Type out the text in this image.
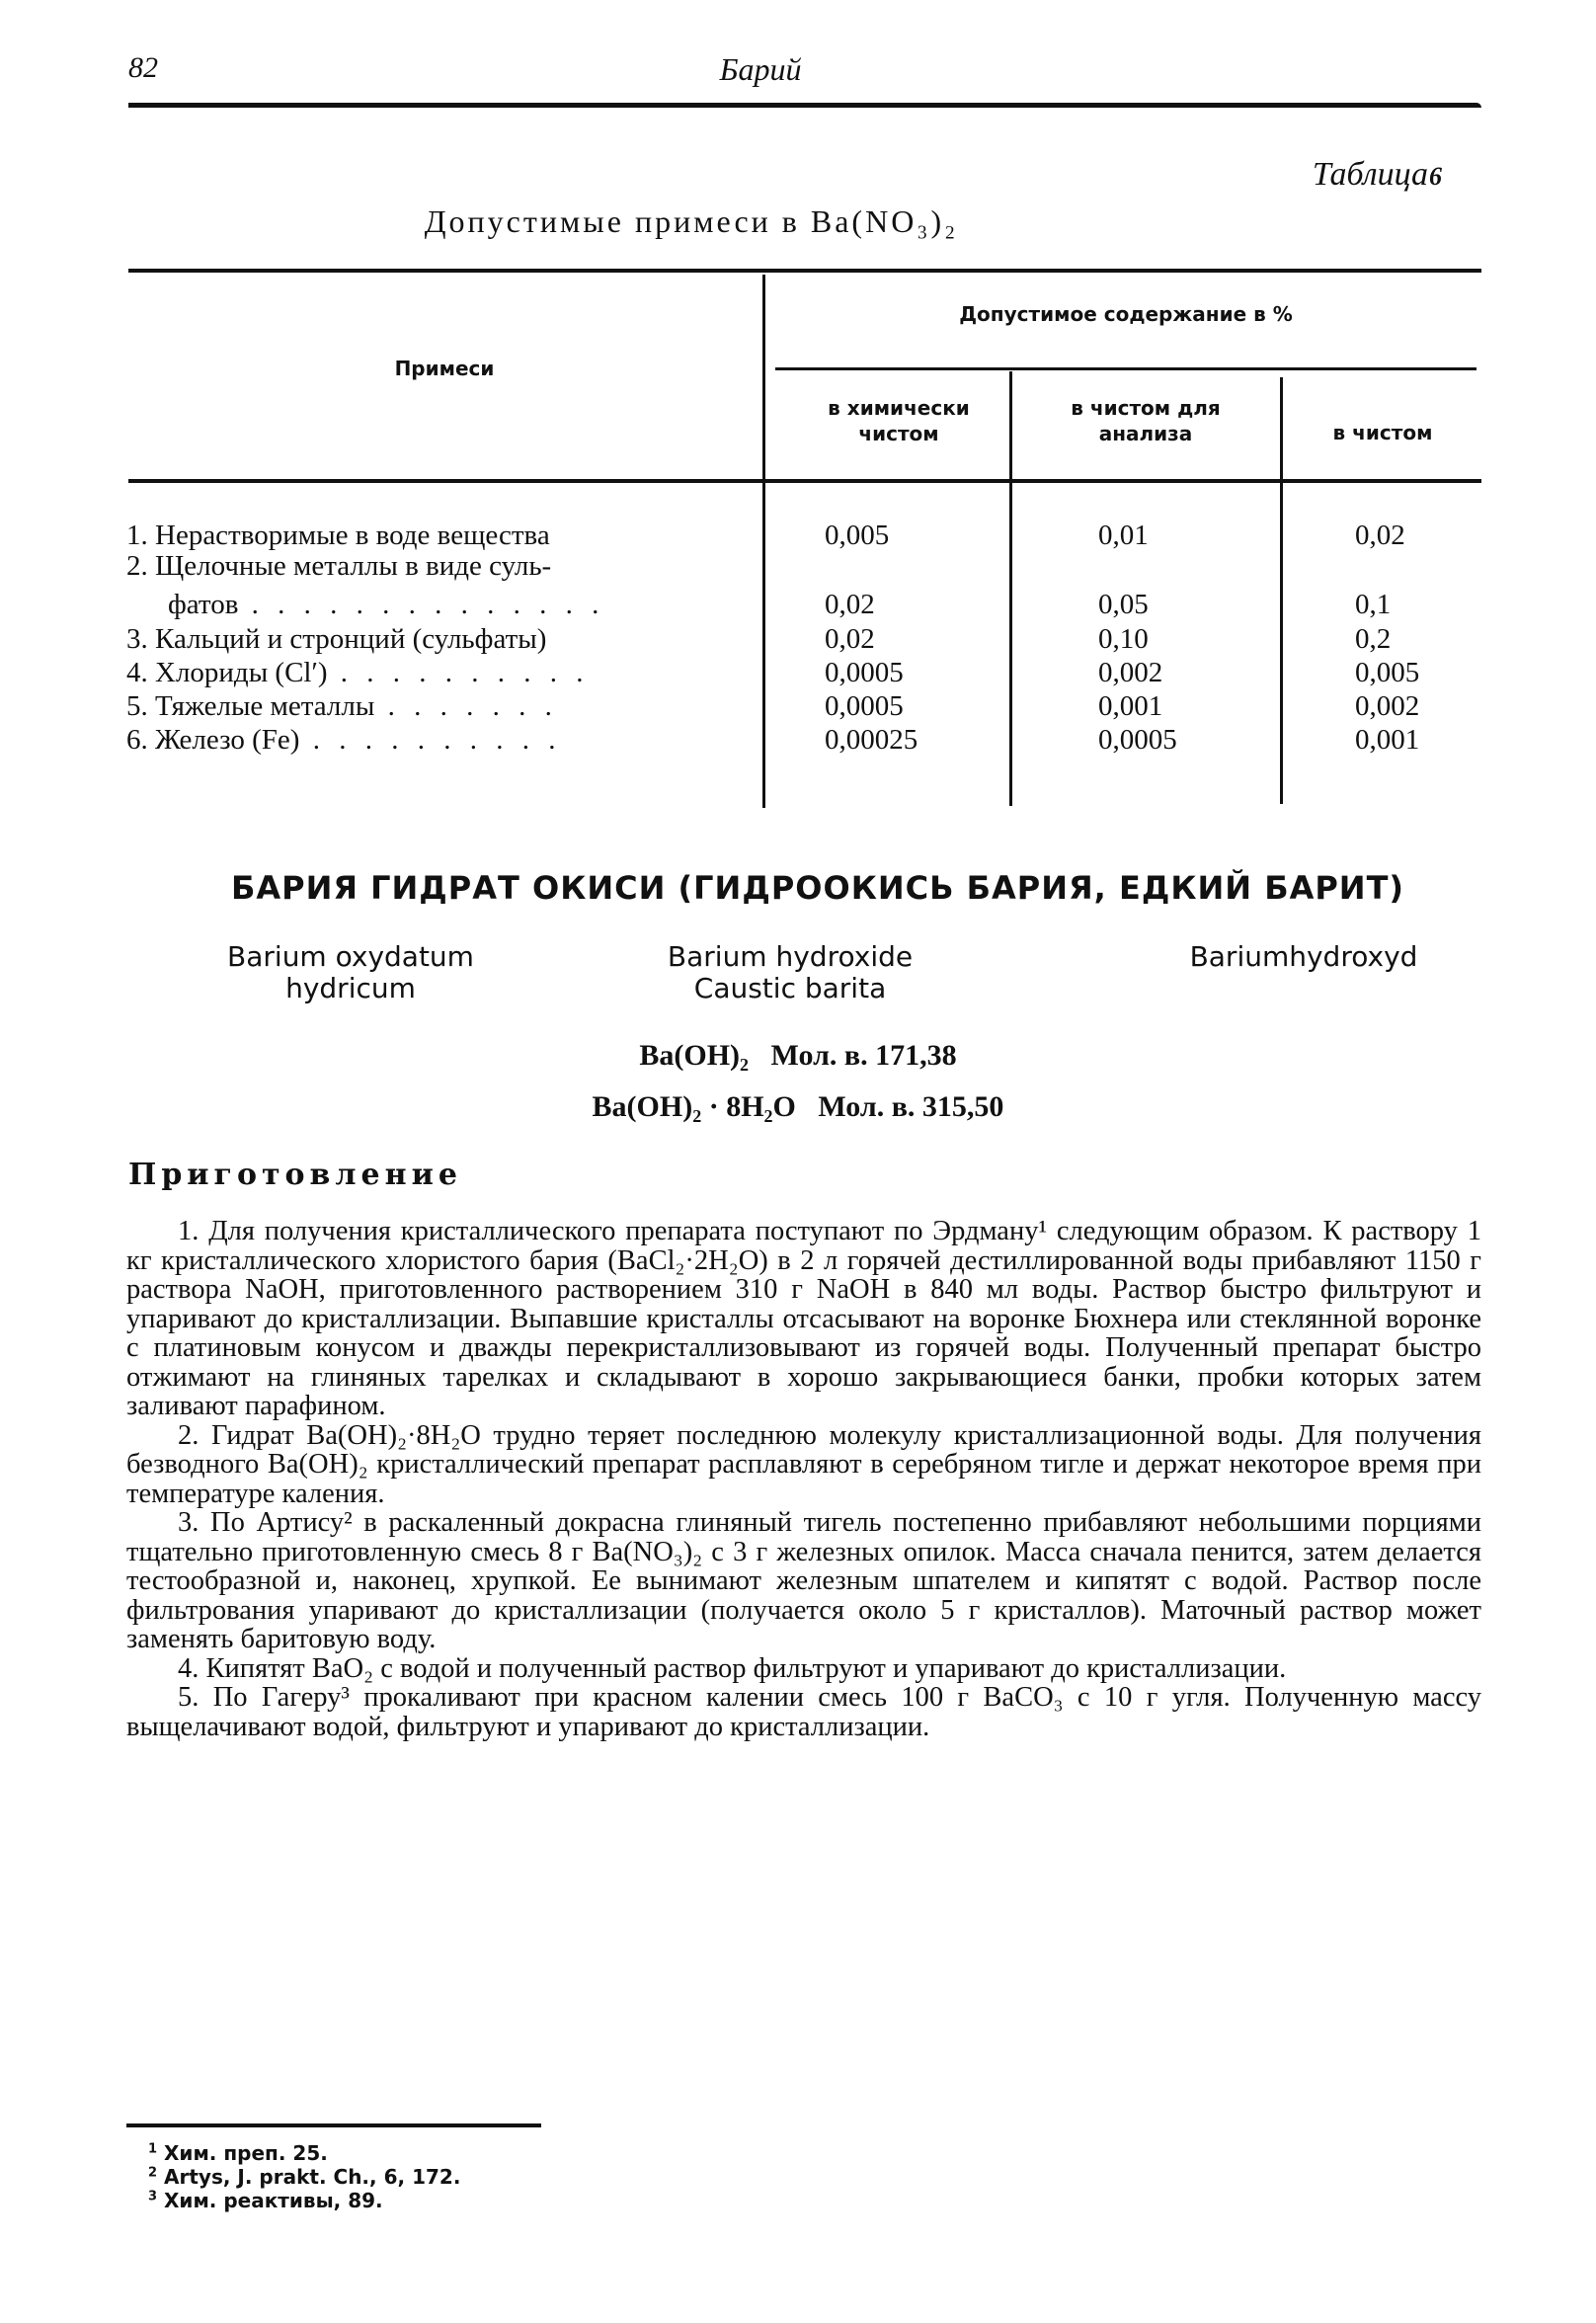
82	Барий
Таблица 6
Допустимые примеси в Ba(NO₃)₂
Примеси
Допустимое содержание в %
в химически чистом
в чистом для анализа	в чистом
1. Нерастворимые в воде вещества
2. Щелочные металлы в виде суль-
фатов . . . . . . . . . . . . . .
3. Кальций и стронций (сульфаты)
4. Хлориды (Cl′) . . . . . . . . . .
5. Тяжелые металлы . . . . . . .
6. Железо (Fe) . . . . . . . . . .
0,005
0,02
0,02
0,0005
0,0005
0,00025
0,01
0,05
0,10
0,002
0,001
0,0005
0,02
0,1
0,2
0,005
0,002
0,001
БАРИЯ ГИДРАТ ОКИСИ (ГИДРООКИСЬ БАРИЯ, ЕДКИЙ БАРИТ)
Barium oxydatum
hydricum
Barium hydroxide
Caustic barita
Bariumhydroxyd
Ba(OH)₂   Мол. в. 171,38
Ba(OH)₂ · 8H₂O   Мол. в. 315,50
Приготовление

1. Для получения кристаллического препарата поступают по Эрдману¹ следующим образом. К раствору 1 кг кристаллического хлористого бария (BaCl₂·2H₂O) в 2 л горячей дестиллированной воды прибавляют 1150 г раствора NaOH, приготовленного растворением 310 г NaOH в 840 мл воды. Раствор быстро фильтруют и упаривают до кристаллизации. Выпавшие кристаллы отсасывают на воронке Бюхнера или стеклянной воронке с платиновым конусом и дважды перекристаллизовывают из горячей воды. Полученный препарат быстро отжимают на глиняных тарелках и складывают в хорошо закрывающиеся банки, пробки которых затем заливают парафином.

2. Гидрат Ba(OH)₂·8H₂O трудно теряет последнюю молекулу кристаллизационной воды. Для получения безводного Ba(OH)₂ кристаллический препарат расплавляют в серебряном тигле и держат некоторое время при температуре каления.

3. По Артису² в раскаленный докрасна глиняный тигель постепенно прибавляют небольшими порциями тщательно приготовленную смесь 8 г Ba(NO₃)₂ с 3 г железных опилок. Масса сначала пенится, затем делается тестообразной и, наконец, хрупкой. Ее вынимают железным шпателем и кипятят с водой. Раствор после фильтрования упаривают до кристаллизации (получается около 5 г кристаллов). Маточный раствор может заменять баритовую воду.

4. Кипятят BaO₂ с водой и полученный раствор фильтруют и упаривают до кристаллизации.

5. По Гагеру³ прокаливают при красном калении смесь 100 г BaCO₃ с 10 г угля. Полученную массу выщелачивают водой, фильтруют и упаривают до кристаллизации.

$^1$ Хим. преп. 25.
$^2$ Artys, J. prakt. Ch., 6, 172.
$^3$ Хим. реактивы, 89.
